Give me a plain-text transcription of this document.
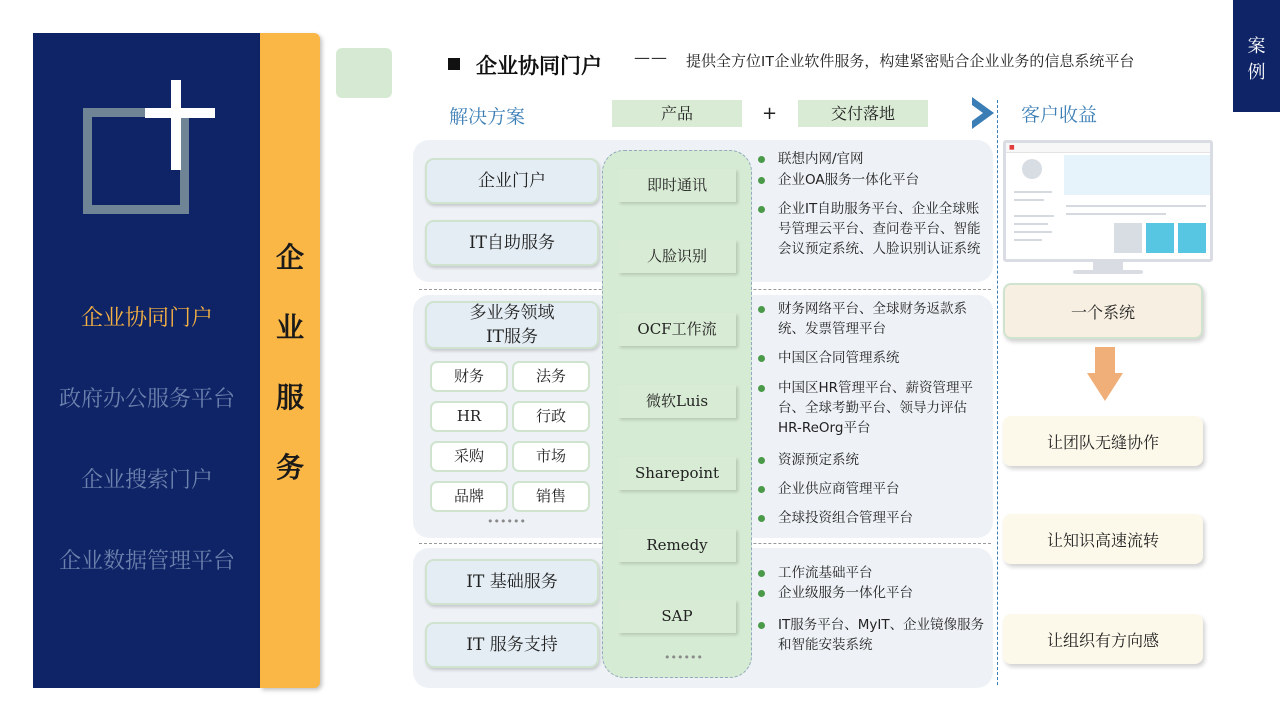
企业协同门户
政府办公服务平台
企业搜索门户
企业数据管理平台
企
业
服
务
企业协同门户 —— 提供全方位IT企业软件服务，构建紧密贴合企业业务的信息系统平台
案
例
解决方案	产品	+	交付落地	客户收益
企业门户
IT自助服务
多业务领域
IT服务
财务	法务
HR	行政
采购	市场
品牌	销售
••••••
IT 基础服务
IT 服务支持
即时通讯
人脸识别
OCF工作流
微软Luis
Sharepoint
Remedy
SAP
••••••
联想内网/官网
企业OA服务一体化平台
企业IT自助服务平台、企业全球账号管理云平台、查问卷平台、智能会议预定系统、人脸识别认证系统
财务网络平台、全球财务返款系统、发票管理平台
中国区合同管理系统
中国区HR管理平台、薪资管理平台、全球考勤平台、领导力评估 HR-ReOrg平台
资源预定系统
企业供应商管理平台
全球投资组合管理平台
工作流基础平台
企业级服务一体化平台
IT服务平台、MyIT、企业镜像服务和智能安装系统
■
一个系统
让团队无缝协作
让知识高速流转
让组织有方向感
